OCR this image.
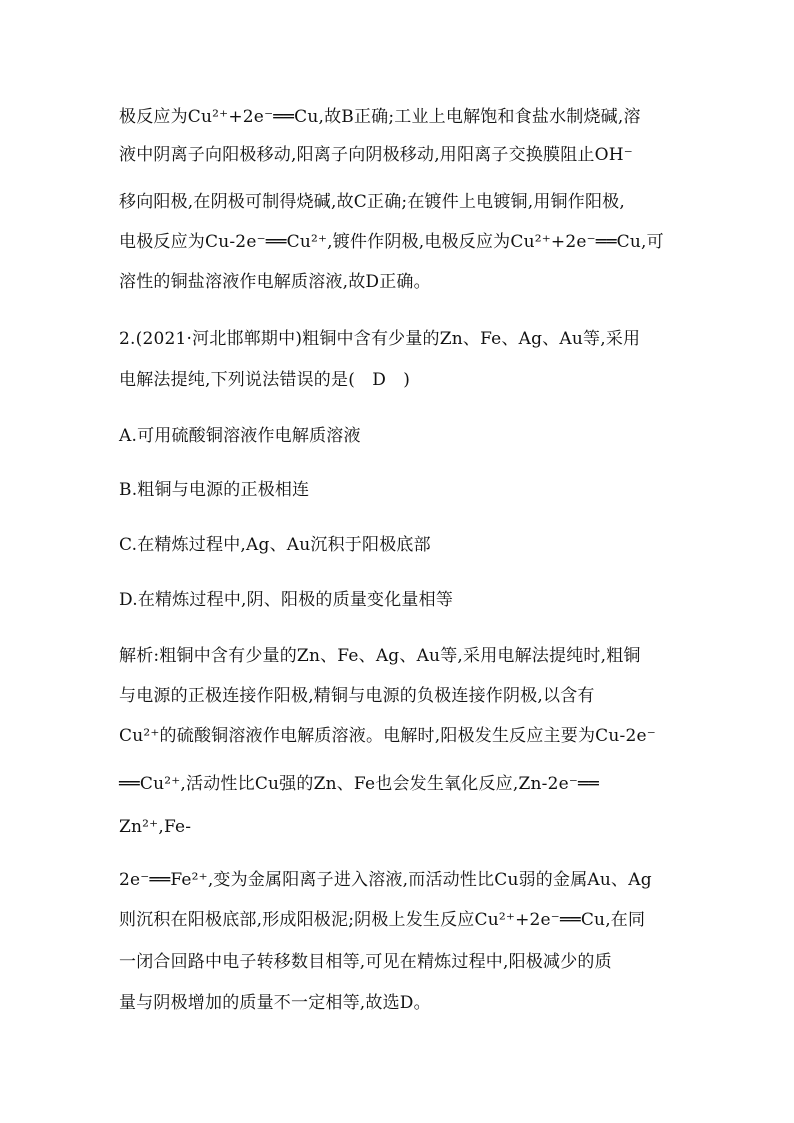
极反应为Cu²⁺+2e⁻══Cu,故B正确;工业上电解饱和食盐水制烧碱,溶
液中阴离子向阳极移动,阳离子向阴极移动,用阳离子交换膜阻止OH⁻
移向阳极,在阴极可制得烧碱,故C正确;在镀件上电镀铜,用铜作阳极,
电极反应为Cu-2e⁻══Cu²⁺,镀件作阴极,电极反应为Cu²⁺+2e⁻══Cu,可
溶性的铜盐溶液作电解质溶液,故D正确。
2.(2021·河北邯郸期中)粗铜中含有少量的Zn、Fe、Ag、Au等,采用
电解法提纯,下列说法错误的是(　D　)
A.可用硫酸铜溶液作电解质溶液
B.粗铜与电源的正极相连
C.在精炼过程中,Ag、Au沉积于阳极底部
D.在精炼过程中,阴、阳极的质量变化量相等
解析:粗铜中含有少量的Zn、Fe、Ag、Au等,采用电解法提纯时,粗铜
与电源的正极连接作阳极,精铜与电源的负极连接作阴极,以含有
Cu²⁺的硫酸铜溶液作电解质溶液。电解时,阳极发生反应主要为Cu-2e⁻
══Cu²⁺,活动性比Cu强的Zn、Fe也会发生氧化反应,Zn-2e⁻══
Zn²⁺,Fe-
2e⁻══Fe²⁺,变为金属阳离子进入溶液,而活动性比Cu弱的金属Au、Ag
则沉积在阳极底部,形成阳极泥;阴极上发生反应Cu²⁺+2e⁻══Cu,在同
一闭合回路中电子转移数目相等,可见在精炼过程中,阳极减少的质
量与阴极增加的质量不一定相等,故选D。
